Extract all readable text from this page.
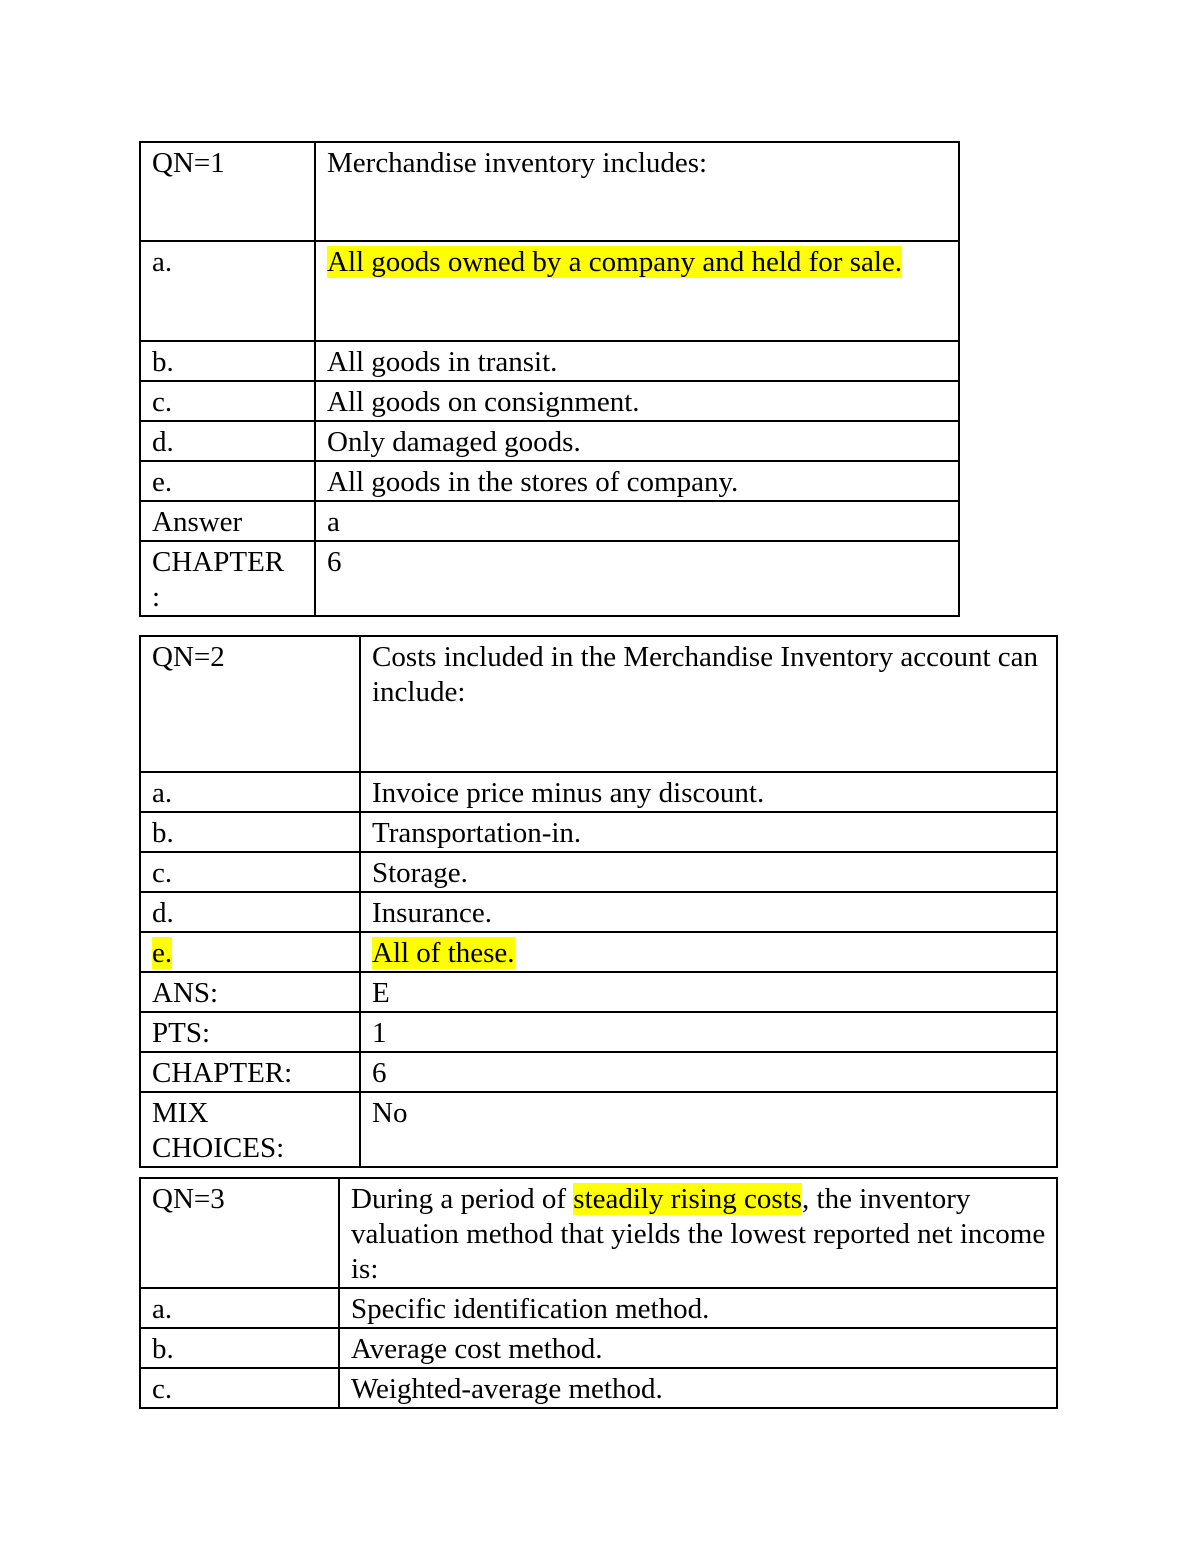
QN=1	Merchandise inventory includes:
a.	All goods owned by a company and held for sale.
b.	All goods in transit.
c.	All goods on consignment.
d.	Only damaged goods.
e.	All goods in the stores of company.
Answer	a
CHAPTER
:	6
QN=2	Costs included in the Merchandise Inventory account can include:
a.	Invoice price minus any discount.
b.	Transportation-in.
c.	Storage.
d.	Insurance.
e.	All of these.
ANS:	E
PTS:	1
CHAPTER:	6
MIX
CHOICES:	No
QN=3	During a period of steadily rising costs, the inventory valuation method that yields the lowest reported net income is:
a.	Specific identification method.
b.	Average cost method.
c.	Weighted-average method.
